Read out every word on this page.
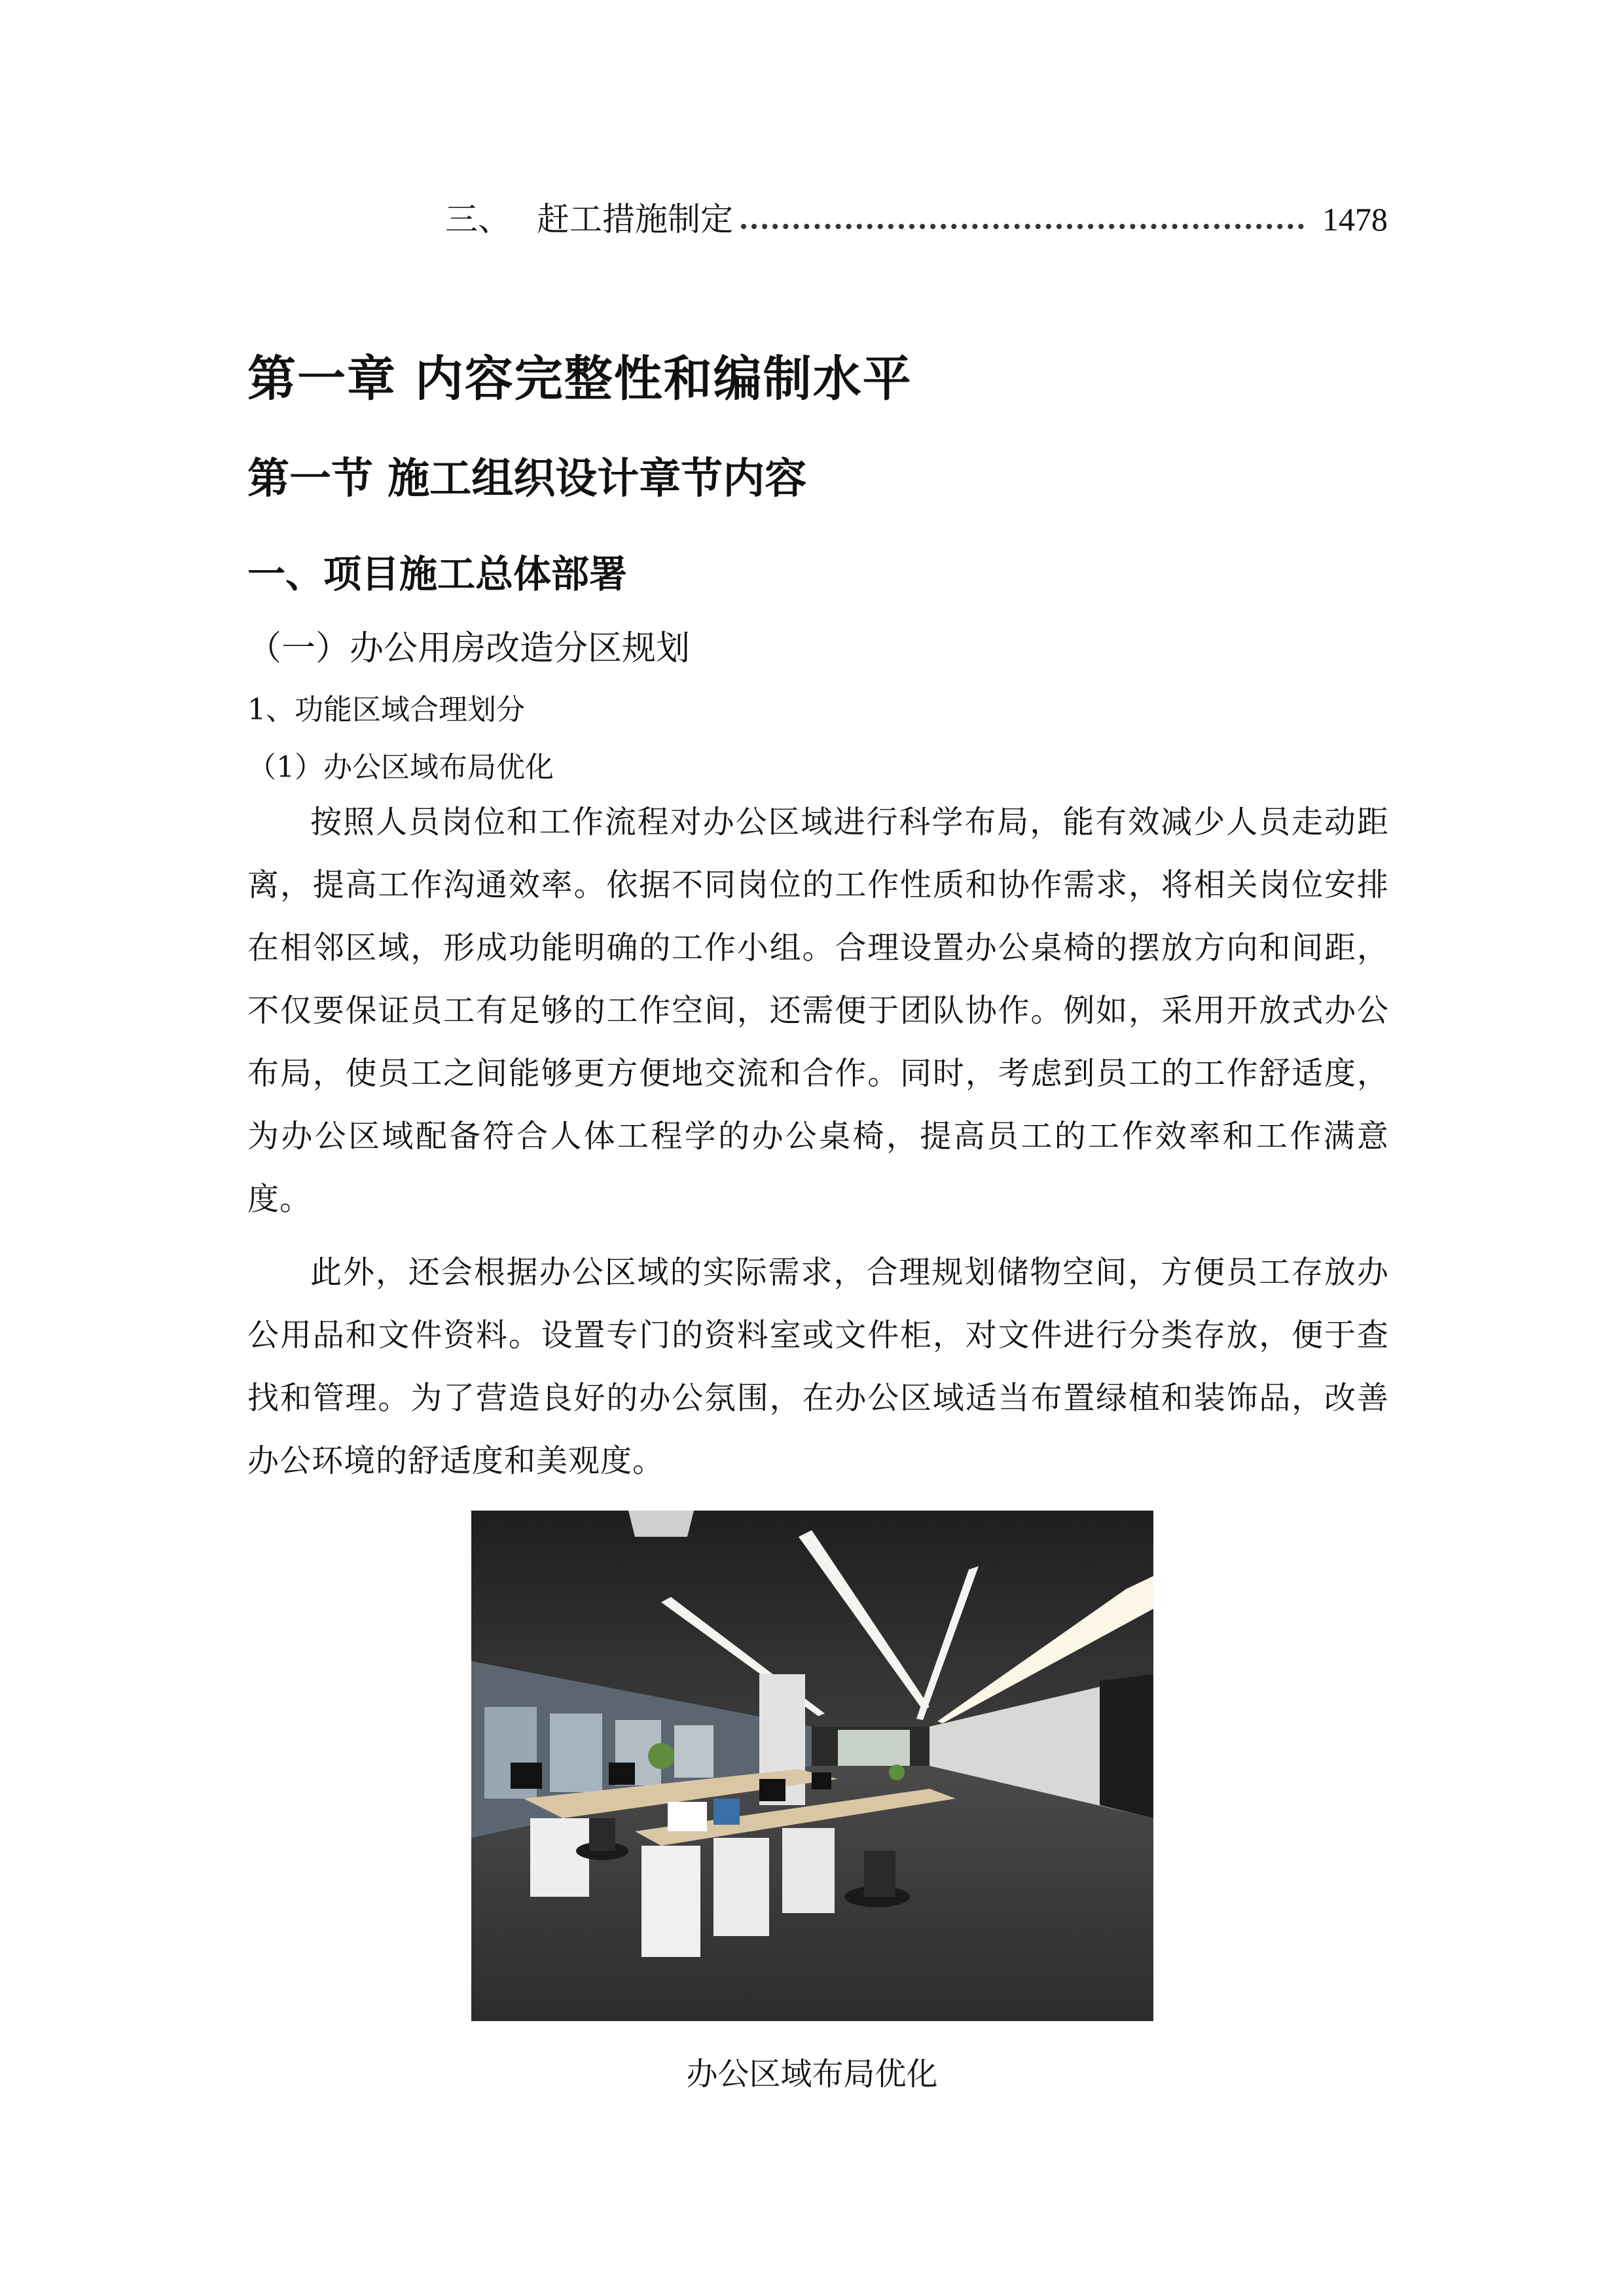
三、 赶工措施制定	1478
第一章 内容完整性和编制水平
第一节 施工组织设计章节内容
一、项目施工总体部署
（一）办公用房改造分区规划
1、功能区域合理划分
（1）办公区域布局优化

按照人员岗位和工作流程对办公区域进行科学布局，能有效减少人员走动距离，提高工作沟通效率。依据不同岗位的工作性质和协作需求，将相关岗位安排在相邻区域，形成功能明确的工作小组。合理设置办公桌椅的摆放方向和间距，不仅要保证员工有足够的工作空间，还需便于团队协作。例如，采用开放式办公布局，使员工之间能够更方便地交流和合作。同时，考虑到员工的工作舒适度，为办公区域配备符合人体工程学的办公桌椅，提高员工的工作效率和工作满意度。

此外，还会根据办公区域的实际需求，合理规划储物空间，方便员工存放办公用品和文件资料。设置专门的资料室或文件柜，对文件进行分类存放，便于查找和管理。为了营造良好的办公氛围，在办公区域适当布置绿植和装饰品，改善办公环境的舒适度和美观度。

办公区域布局优化
